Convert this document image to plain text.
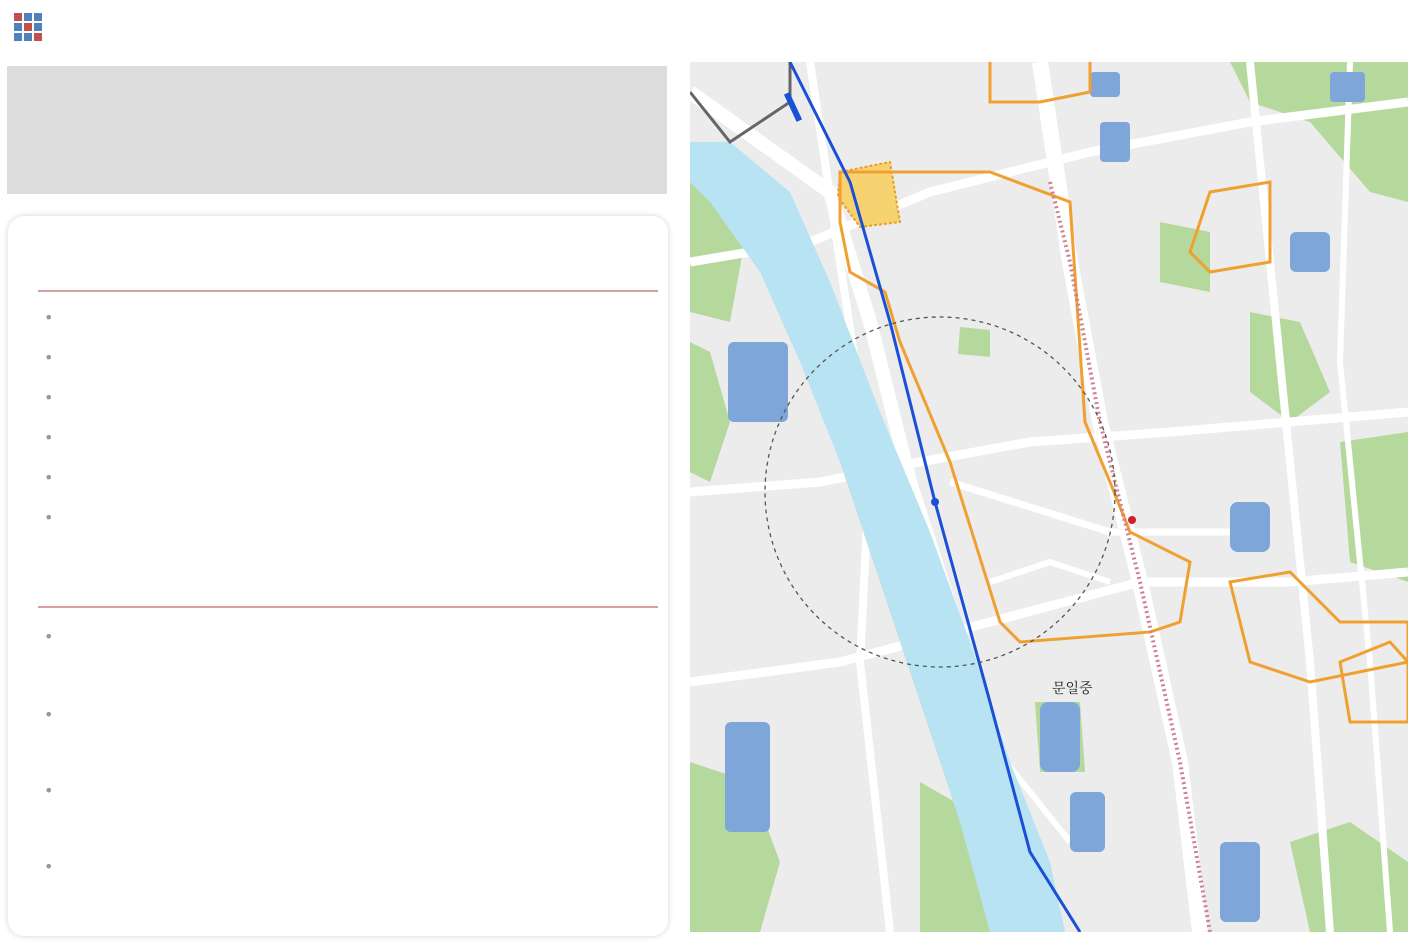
•
•
•
•
•
•
•
•
•
•
문일중
